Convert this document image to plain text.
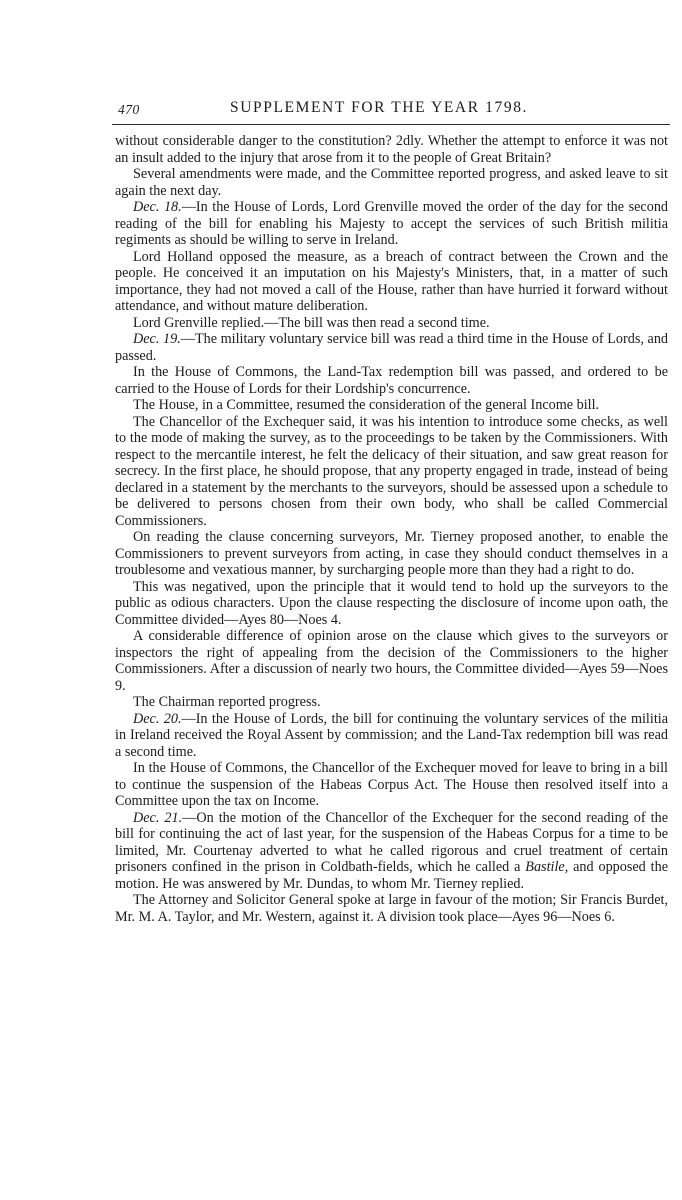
470	SUPPLEMENT FOR THE YEAR 1798.

without considerable danger to the constitution? 2dly. Whether the attempt to enforce it was not an insult added to the injury that arose from it to the people of Great Britain?

Several amendments were made, and the Committee reported progress, and asked leave to sit again the next day.

Dec. 18.—In the House of Lords, Lord Grenville moved the order of the day for the second reading of the bill for enabling his Majesty to accept the services of such British militia regiments as should be willing to serve in Ireland.

Lord Holland opposed the measure, as a breach of contract between the Crown and the people. He conceived it an imputation on his Majesty's Ministers, that, in a matter of such importance, they had not moved a call of the House, rather than have hurried it forward without attendance, and without mature deliberation.

Lord Grenville replied.—The bill was then read a second time.

Dec. 19.—The military voluntary service bill was read a third time in the House of Lords, and passed.

In the House of Commons, the Land-Tax redemption bill was passed, and ordered to be carried to the House of Lords for their Lordship's concurrence.

The House, in a Committee, resumed the consideration of the general Income bill.

The Chancellor of the Exchequer said, it was his intention to introduce some checks, as well to the mode of making the survey, as to the proceedings to be taken by the Commissioners. With respect to the mercantile interest, he felt the delicacy of their situation, and saw great reason for secrecy. In the first place, he should propose, that any property engaged in trade, instead of being declared in a statement by the merchants to the surveyors, should be assessed upon a schedule to be delivered to persons chosen from their own body, who shall be called Commercial Commissioners.

On reading the clause concerning surveyors, Mr. Tierney proposed another, to enable the Commissioners to prevent surveyors from acting, in case they should conduct themselves in a troublesome and vexatious manner, by surcharging people more than they had a right to do.

This was negatived, upon the principle that it would tend to hold up the surveyors to the public as odious characters. Upon the clause respecting the disclosure of income upon oath, the Committee divided—Ayes 80—Noes 4.

A considerable difference of opinion arose on the clause which gives to the surveyors or inspectors the right of appealing from the decision of the Commissioners to the higher Commissioners. After a discussion of nearly two hours, the Committee divided—Ayes 59—Noes 9.

The Chairman reported progress.

Dec. 20.—In the House of Lords, the bill for continuing the voluntary services of the militia in Ireland received the Royal Assent by commission; and the Land-Tax redemption bill was read a second time.

In the House of Commons, the Chancellor of the Exchequer moved for leave to bring in a bill to continue the suspension of the Habeas Corpus Act. The House then resolved itself into a Committee upon the tax on Income.

Dec. 21.—On the motion of the Chancellor of the Exchequer for the second reading of the bill for continuing the act of last year, for the suspension of the Habeas Corpus for a time to be limited, Mr. Courtenay adverted to what he called rigorous and cruel treatment of certain prisoners confined in the prison in Coldbath-fields, which he called a Bastile, and opposed the motion. He was answered by Mr. Dundas, to whom Mr. Tierney replied.

The Attorney and Solicitor General spoke at large in favour of the motion; Sir Francis Burdet, Mr. M. A. Taylor, and Mr. Western, against it. A division took place—Ayes 96—Noes 6.
